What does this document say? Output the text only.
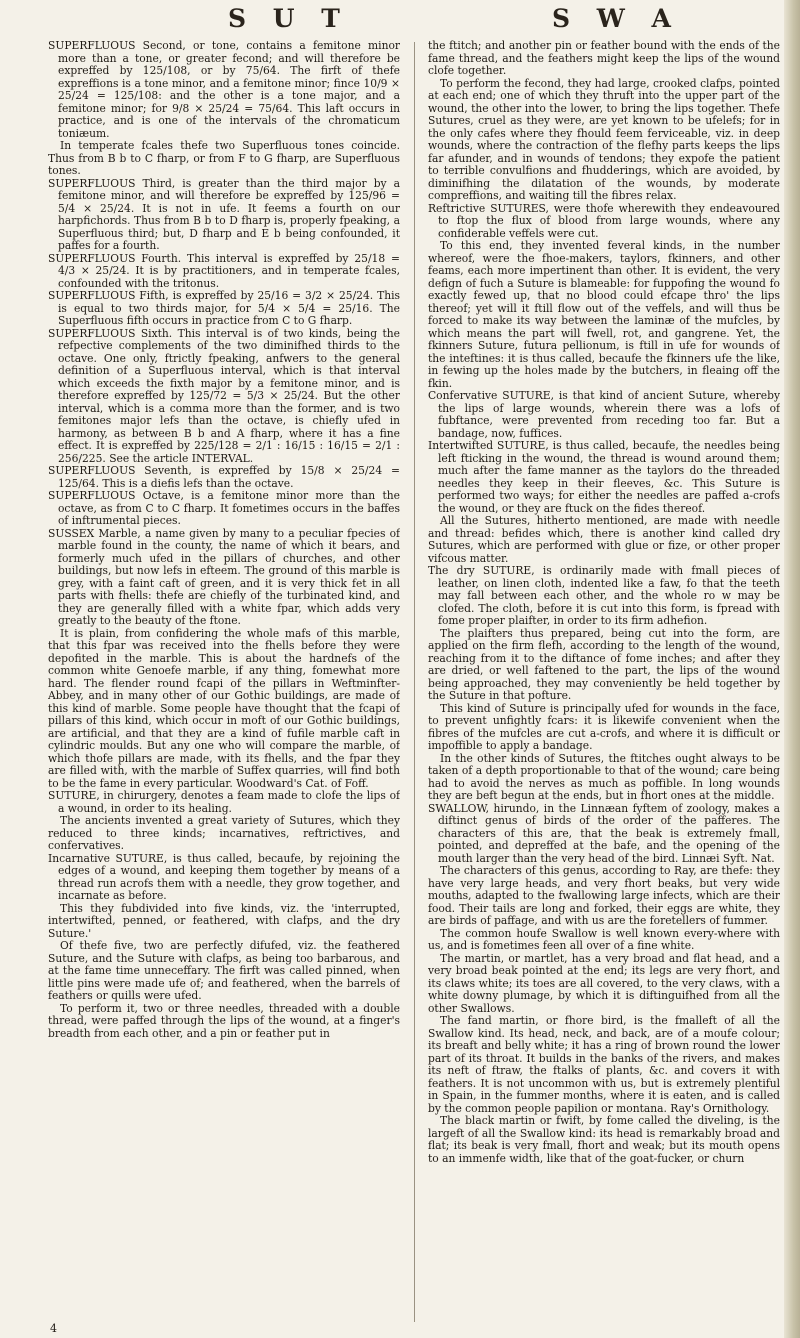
S U T	S W A

SUPERFLUOUS Second, or tone, contains a femitone minor more than a tone, or greater fecond; and will therefore be expreffed by 125/108, or by 75/64. The firft of thefe expreffions is a tone minor, and a femitone minor; fince 10/9 × 25/24 = 125/108: and the other is a tone major, and a femitone minor; for 9/8 × 25/24 = 75/64. This laft occurs in practice, and is one of the intervals of the chromaticum toniæum.

In temperate fcales thefe two Superfluous tones coincide. Thus from B b to C fharp, or from F to G fharp, are Superfluous tones.

SUPERFLUOUS Third, is greater than the third major by a femitone minor, and will therefore be expreffed by 125/96 = 5/4 × 25/24. It is not in ufe. It feems a fourth on our harpfichords. Thus from B b to D fharp is, properly fpeaking, a Superfluous third; but, D fharp and E b being confounded, it paffes for a fourth.

SUPERFLUOUS Fourth. This interval is expreffed by 25/18 = 4/3 × 25/24. It is by practitioners, and in temperate fcales, confounded with the tritonus.

SUPERFLUOUS Fifth, is expreffed by 25/16 = 3/2 × 25/24. This is equal to two thirds major, for 5/4 × 5/4 = 25/16. The Superfluous fifth occurs in practice from C to G fharp.

SUPERFLUOUS Sixth. This interval is of two kinds, being the refpective complements of the two diminifhed thirds to the octave. One only, ftrictly fpeaking, anfwers to the general definition of a Superfluous interval, which is that interval which exceeds the fixth major by a femitone minor, and is therefore expreffed by 125/72 = 5/3 × 25/24. But the other interval, which is a comma more than the former, and is two femitones major lefs than the octave, is chiefly ufed in harmony, as between B b and A fharp, where it has a fine effect. It is expreffed by 225/128 = 2/1 : 16/15 : 16/15 = 2/1 : 256/225. See the article INTERVAL.

SUPERFLUOUS Seventh, is expreffed by 15/8 × 25/24 = 125/64. This is a diefis lefs than the octave.

SUPERFLUOUS Octave, is a femitone minor more than the octave, as from C to C fharp. It fometimes occurs in the baffes of inftrumental pieces.

SUSSEX Marble, a name given by many to a peculiar fpecies of marble found in the county, the name of which it bears, and formerly much ufed in the pillars of churches, and other buildings, but now lefs in efteem. The ground of this marble is grey, with a faint caft of green, and it is very thick fet in all parts with fhells: thefe are chiefly of the turbinated kind, and they are generally filled with a white fpar, which adds very greatly to the beauty of the ftone.

It is plain, from confidering the whole mafs of this marble, that this fpar was received into the fhells before they were depofited in the marble. This is about the hardnefs of the common white Genoefe marble, if any thing, fomewhat more hard. The flender round fcapi of the pillars in Weftminfter-Abbey, and in many other of our Gothic buildings, are made of this kind of marble. Some people have thought that the fcapi of pillars of this kind, which occur in moft of our Gothic buildings, are artificial, and that they are a kind of fufile marble caft in cylindric moulds. But any one who will compare the marble, of which thofe pillars are made, with its fhells, and the fpar they are filled with, with the marble of Suffex quarries, will find both to be the fame in every particular. Woodward's Cat. of Foff.

SUTURE, in chirurgery, denotes a feam made to clofe the lips of a wound, in order to its healing.

The ancients invented a great variety of Sutures, which they reduced to three kinds; incarnatives, reftrictives, and confervatives.

Incarnative SUTURE, is thus called, becaufe, by rejoining the edges of a wound, and keeping them together by means of a thread run acrofs them with a needle, they grow together, and incarnate as before.

This they fubdivided into five kinds, viz. the 'interrupted, intertwifted, penned, or feathered, with clafps, and the dry Suture.'

Of thefe five, two are perfectly difufed, viz. the feathered Suture, and the Suture with clafps, as being too barbarous, and at the fame time unneceffary. The firft was called pinned, when little pins were made ufe of; and feathered, when the barrels of feathers or quills were ufed.

To perform it, two or three needles, threaded with a double thread, were paffed through the lips of the wound, at a finger's breadth from each other, and a pin or feather put in

the ftitch; and another pin or feather bound with the ends of the fame thread, and the feathers might keep the lips of the wound clofe together.

To perform the fecond, they had large, crooked clafps, pointed at each end; one of which they thruft into the upper part of the wound, the other into the lower, to bring the lips together. Thefe Sutures, cruel as they were, are yet known to be ufelefs; for in the only cafes where they fhould feem ferviceable, viz. in deep wounds, where the contraction of the flefhy parts keeps the lips far afunder, and in wounds of tendons; they expofe the patient to terrible convulfions and fhudderings, which are avoided, by diminifhing the dilatation of the wounds, by moderate compreffions, and waiting till the fibres relax.

Reftrictive SUTURES, were thofe wherewith they endeavoured to ftop the flux of blood from large wounds, where any confiderable veffels were cut.

To this end, they invented feveral kinds, in the number whereof, were the fhoe-makers, taylors, fkinners, and other feams, each more impertinent than other. It is evident, the very defign of fuch a Suture is blameable: for fuppofing the wound fo exactly fewed up, that no blood could efcape thro' the lips thereof; yet will it ftill flow out of the veffels, and will thus be forced to make its way between the laminæ of the mufcles, by which means the part will fwell, rot, and gangrene. Yet, the fkinners Suture, futura pellionum, is ftill in ufe for wounds of the inteftines: it is thus called, becaufe the fkinners ufe the like, in fewing up the holes made by the butchers, in fleaing off the fkin.

Confervative SUTURE, is that kind of ancient Suture, whereby the lips of large wounds, wherein there was a lofs of fubftance, were prevented from receding too far. But a bandage, now, fuffices.

Intertwifted SUTURE, is thus called, becaufe, the needles being left fticking in the wound, the thread is wound around them; much after the fame manner as the taylors do the threaded needles they keep in their fleeves, &c. This Suture is performed two ways; for either the needles are paffed a-crofs the wound, or they are ftuck on the fides thereof.

All the Sutures, hitherto mentioned, are made with needle and thread: befides which, there is another kind called dry Sutures, which are performed with glue or fize, or other proper vifcous matter.

The dry SUTURE, is ordinarily made with fmall pieces of leather, on linen cloth, indented like a faw, fo that the teeth may fall between each other, and the whole ro w may be clofed. The cloth, before it is cut into this form, is fpread with fome proper plaifter, in order to its firm adhefion.

The plaifters thus prepared, being cut into the form, are applied on the firm flefh, according to the length of the wound, reaching from it to the diftance of fome inches; and after they are dried, or well faftened to the part, the lips of the wound being approached, they may conveniently be held together by the Suture in that pofture.

This kind of Suture is principally ufed for wounds in the face, to prevent unfightly fcars: it is likewife convenient when the fibres of the mufcles are cut a-crofs, and where it is difficult or impoffible to apply a bandage.

In the other kinds of Sutures, the ftitches ought always to be taken of a depth proportionable to that of the wound; care being had to avoid the nerves as much as poffible. In long wounds they are beft begun at the ends, but in fhort ones at the middle.

SWALLOW, hirundo, in the Linnæan fyftem of zoology, makes a diftinct genus of birds of the order of the pafferes. The characters of this are, that the beak is extremely fmall, pointed, and depreffed at the bafe, and the opening of the mouth larger than the very head of the bird. Linnæi Syft. Nat.

The characters of this genus, according to Ray, are thefe: they have very large heads, and very fhort beaks, but very wide mouths, adapted to the fwallowing large infects, which are their food. Their tails are long and forked, their eggs are white, they are birds of paffage, and with us are the foretellers of fummer.

The common houfe Swallow is well known every-where with us, and is fometimes feen all over of a fine white.

The martin, or martlet, has a very broad and flat head, and a very broad beak pointed at the end; its legs are very fhort, and its claws white; its toes are all covered, to the very claws, with a white downy plumage, by which it is diftinguifhed from all the other Swallows.

The fand martin, or fhore bird, is the fmalleft of all the Swallow kind. Its head, neck, and back, are of a moufe colour; its breaft and belly white; it has a ring of brown round the lower part of its throat. It builds in the banks of the rivers, and makes its neft of ftraw, the ftalks of plants, &c. and covers it with feathers. It is not uncommon with us, but is extremely plentiful in Spain, in the fummer months, where it is eaten, and is called by the common people papilion or montana. Ray's Ornithology.

The black martin or fwift, by fome called the diveling, is the largeft of all the Swallow kind: its head is remarkably broad and flat; its beak is very fmall, fhort and weak; but its mouth opens to an immenfe width, like that of the goat-fucker, or churn

4
